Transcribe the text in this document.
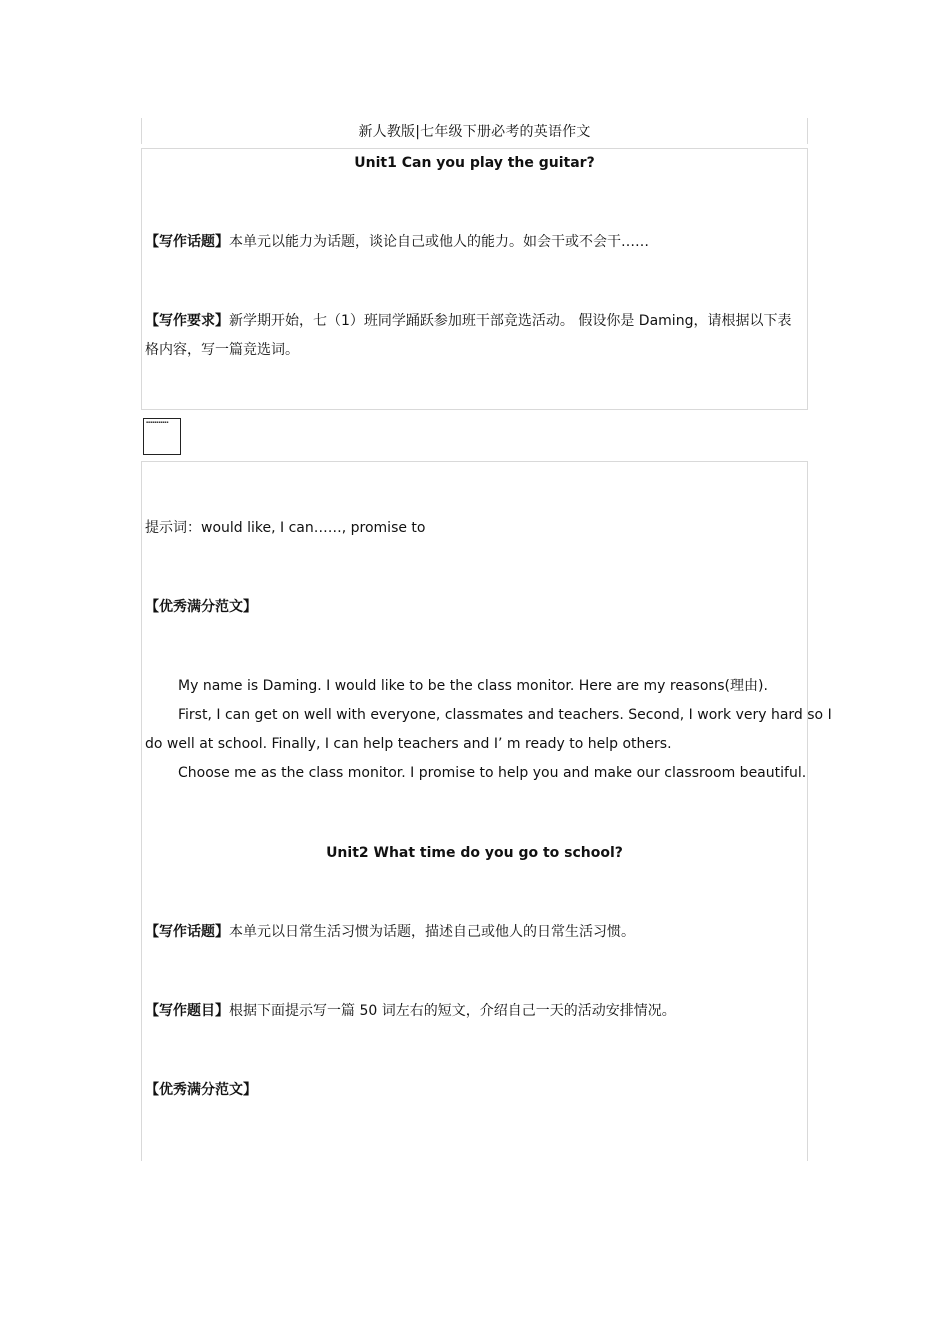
新人教版|七年级下册必考的英语作文
Unit1 Can you play the guitar?
【写作话题】本单元以能力为话题，谈论自己或他人的能力。如会干或不会干……
【写作要求】新学期开始，七（1）班同学踊跃参加班干部竞选活动。 假设你是 Daming，请根据以下表
格内容，写一篇竞选词。
▪▪▪▪▪▪▪▪▪▪▪
提示词：would like, I can……, promise to
【优秀满分范文】
My name is Daming. I would like to be the class monitor. Here are my reasons(理由).
First, I can get on well with everyone, classmates and teachers. Second, I work very hard so I
do well at school. Finally, I can help teachers and I’ m ready to help others.
Choose me as the class monitor. I promise to help you and make our classroom beautiful.
Unit2 What time do you go to school?
【写作话题】本单元以日常生活习惯为话题，描述自己或他人的日常生活习惯。
【写作题目】根据下面提示写一篇 50 词左右的短文，介绍自己一天的活动安排情况。
【优秀满分范文】
